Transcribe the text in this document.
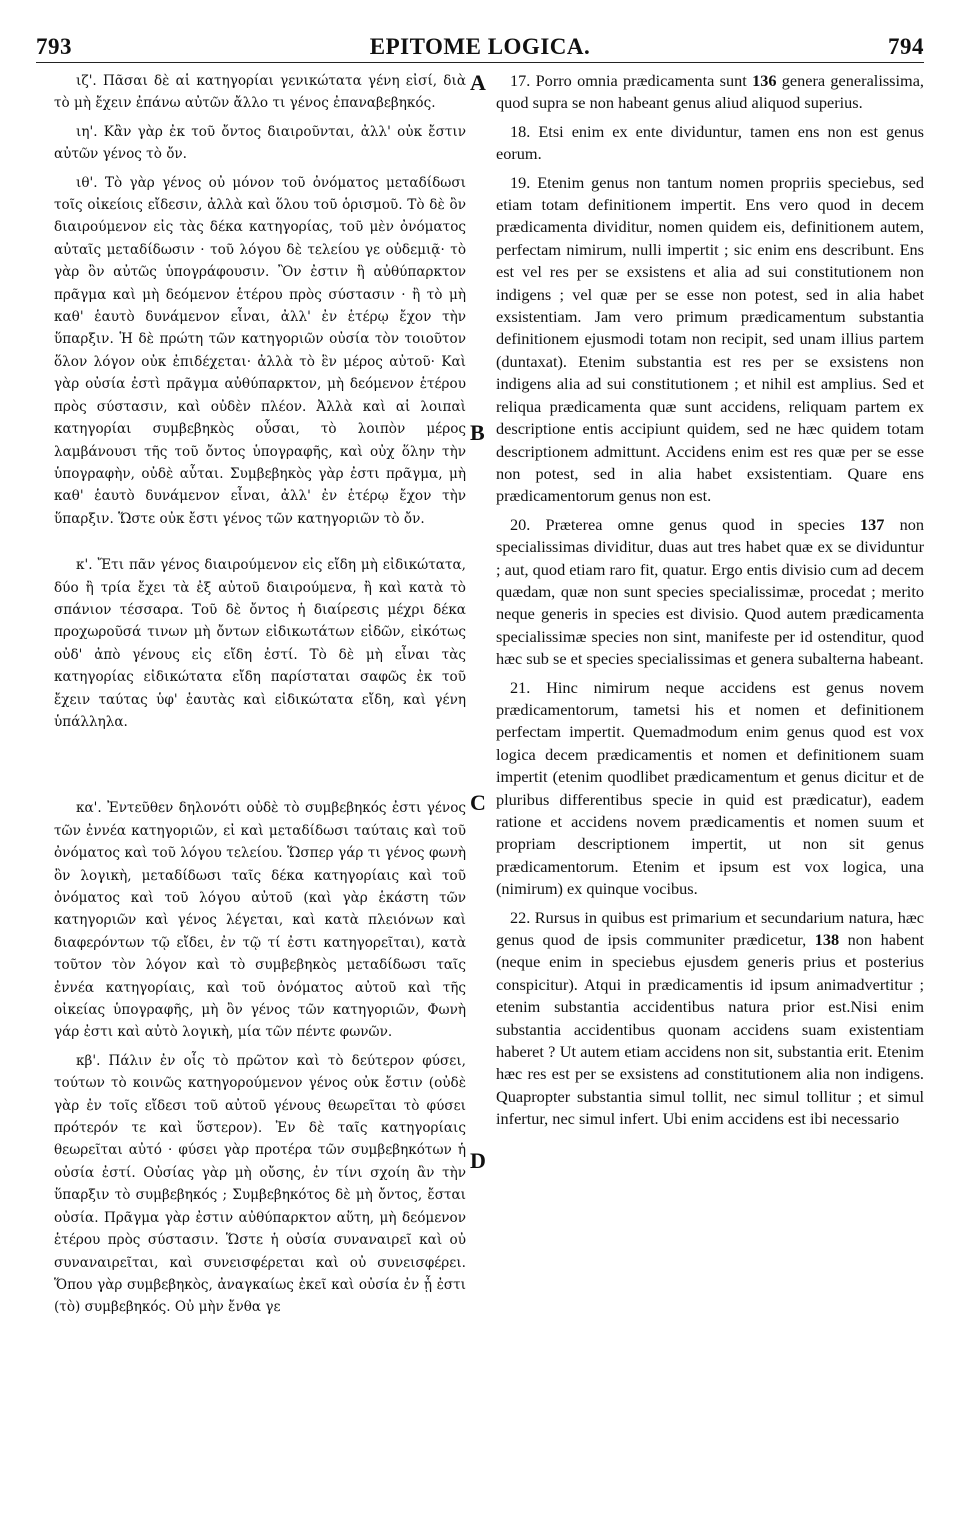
793	EPITOME LOGICA.	794
A
B
C
D

ιζ'. Πᾶσαι δὲ αἱ κατηγορίαι γενικώτατα γένη εἰσί, διὰ τὸ μὴ ἔχειν ἐπάνω αὐτῶν ἄλλο τι γένος ἐπαναβεβηκός.

ιη'. Κἂν γὰρ ἐκ τοῦ ὄντος διαιροῦνται, ἀλλ' οὐκ ἔστιν αὐτῶν γένος τὸ ὄν.

ιθ'. Τὸ γὰρ γένος οὐ μόνον τοῦ ὀνόματος μεταδίδωσι τοῖς οἰκείοις εἴδεσιν, ἀλλὰ καὶ ὅλου τοῦ ὁρισμοῦ. Τὸ δὲ ὂν διαιρούμενον εἰς τὰς δέκα κατηγορίας, τοῦ μὲν ὀνόματος αὐταῖς μεταδίδωσιν · τοῦ λόγου δὲ τελείου γε οὐδεμιᾷ· τὸ γὰρ ὂν αὐτῶς ὑπογράφουσιν. Ὂν ἐστιν ἢ αὐθύπαρκτον πρᾶγμα καὶ μὴ δεόμενον ἑτέρου πρὸς σύστασιν · ἢ τὸ μὴ καθ' ἑαυτὸ δυνάμενον εἶναι, ἀλλ' ἐν ἑτέρῳ ἔχον τὴν ὕπαρξιν. Ἡ δὲ πρώτη τῶν κατηγοριῶν οὐσία τὸν τοιοῦτον ὅλον λόγον οὐκ ἐπιδέχεται· ἀλλὰ τὸ ἓν μέρος αὐτοῦ· Καὶ γὰρ οὐσία ἐστὶ πρᾶγμα αὐθύπαρκτον, μὴ δεόμενον ἑτέρου πρὸς σύστασιν, καὶ οὐδὲν πλέον. Ἀλλὰ καὶ αἱ λοιπαὶ κατηγορίαι συμβεβηκὸς οὖσαι, τὸ λοιπὸν μέρος λαμβάνουσι τῆς τοῦ ὄντος ὑπογραφῆς, καὶ οὐχ ὅλην τὴν ὑπογραφὴν, οὐδὲ αὗται. Συμβεβηκὸς γὰρ ἐστι πρᾶγμα, μὴ καθ' ἑαυτὸ δυνάμενον εἶναι, ἀλλ' ἐν ἑτέρῳ ἔχον τὴν ὕπαρξιν. Ὥστε οὐκ ἔστι γένος τῶν κατηγοριῶν τὸ ὄν.

κ'. Ἔτι πᾶν γένος διαιρούμενον εἰς εἴδη μὴ εἰδικώτατα, δύο ἢ τρία ἔχει τὰ ἐξ αὐτοῦ διαιρούμενα, ἢ καὶ κατὰ τὸ σπάνιον τέσσαρα. Τοῦ δὲ ὄντος ἡ διαίρεσις μέχρι δέκα προχωροῦσά τινων μὴ ὄντων εἰδικωτάτων εἰδῶν, εἰκότως οὐδ' ἀπὸ γένους εἰς εἴδη ἐστί. Τὸ δὲ μὴ εἶναι τὰς κατηγορίας εἰδικώτατα εἴδη παρίσταται σαφῶς ἐκ τοῦ ἔχειν ταύτας ὑφ' ἑαυτὰς καὶ εἰδικώτατα εἴδη, καὶ γένη ὑπάλληλα.

κα'. Ἐντεῦθεν δηλονότι οὐδὲ τὸ συμβεβηκός ἐστι γένος τῶν ἐννέα κατηγοριῶν, εἰ καὶ μεταδίδωσι ταύταις καὶ τοῦ ὀνόματος καὶ τοῦ λόγου τελείου. Ὥσπερ γάρ τι γένος φωνὴ ὂν λογικὴ, μεταδίδωσι ταῖς δέκα κατηγορίαις καὶ τοῦ ὀνόματος καὶ τοῦ λόγου αὐτοῦ (καὶ γὰρ ἑκάστη τῶν κατηγοριῶν καὶ γένος λέγεται, καὶ κατὰ πλειόνων καὶ διαφερόντων τῷ εἴδει, ἐν τῷ τί ἐστι κατηγορεῖται), κατὰ τοῦτον τὸν λόγον καὶ τὸ συμβεβηκὸς μεταδίδωσι ταῖς ἐννέα κατηγορίαις, καὶ τοῦ ὀνόματος αὐτοῦ καὶ τῆς οἰκείας ὑπογραφῆς, μὴ ὂν γένος τῶν κατηγοριῶν, Φωνὴ γάρ ἐστι καὶ αὐτὸ λογικὴ, μία τῶν πέντε φωνῶν.

κβ'. Πάλιν ἐν οἷς τὸ πρῶτον καὶ τὸ δεύτερον φύσει, τούτων τὸ κοινῶς κατηγορούμενον γένος οὐκ ἔστιν (οὐδὲ γὰρ ἐν τοῖς εἴδεσι τοῦ αὐτοῦ γένους θεωρεῖται τὸ φύσει πρότερόν τε καὶ ὕστερον). Ἐν δὲ ταῖς κατηγορίαις θεωρεῖται αὐτό · φύσει γὰρ προτέρα τῶν συμβεβηκότων ἡ οὐσία ἐστί. Οὐσίας γὰρ μὴ οὔσης, ἐν τίνι σχοίη ἂν τὴν ὕπαρξιν τὸ συμβεβηκός ; Συμβεβηκότος δὲ μὴ ὄντος, ἔσται οὐσία. Πρᾶγμα γὰρ ἐστιν αὐθύπαρκτον αὕτη, μὴ δεόμενον ἑτέρου πρὸς σύστασιν. Ὥστε ἡ οὐσία συναναιρεῖ καὶ οὐ συναναιρεῖται, καὶ συνεισφέρεται καὶ οὐ συνεισφέρει. Ὅπου γὰρ συμβεβηκὸς, ἀναγκαίως ἐκεῖ καὶ οὐσία ἐν ᾗ ἐστι (τὸ) συμβεβηκός. Οὐ μὴν ἔνθα γε

17. Porro omnia prædicamenta sunt 136 genera generalissima, quod supra se non habeant genus aliud aliquod superius.

18. Etsi enim ex ente dividuntur, tamen ens non est genus eorum.

19. Etenim genus non tantum nomen propriis speciebus, sed etiam totam definitionem impertit. Ens vero quod in decem prædicamenta dividitur, nomen quidem eis, definitionem autem, perfectam nimirum, nulli impertit ; sic enim ens describunt. Ens est vel res per se exsistens et alia ad sui constitutionem non indigens ; vel quæ per se esse non potest, sed in alia habet exsistentiam. Jam vero primum prædicamentum substantia definitionem ejusmodi totam non recipit, sed unam illius partem (duntaxat). Etenim substantia est res per se exsistens non indigens alia ad sui constitutionem ; et nihil est amplius. Sed et reliqua prædicamenta quæ sunt accidens, reliquam partem ex descriptione entis accipiunt quidem, sed ne hæc quidem totam descriptionem admittunt. Accidens enim est res quæ per se esse non potest, sed in alia habet exsistentiam. Quare ens prædicamentorum genus non est.

20. Præterea omne genus quod in species 137 non specialissimas dividitur, duas aut tres habet quæ ex se dividuntur ; aut, quod etiam raro fit, quatur. Ergo entis divisio cum ad decem quædam, quæ non sunt species specialissimæ, procedat ; merito neque generis in species est divisio. Quod autem prædicamenta specialissimæ species non sint, manifeste per id ostenditur, quod hæc sub se et species specialissimas et genera subalterna habeant.

21. Hinc nimirum neque accidens est genus novem prædicamentorum, tametsi his et nomen et definitionem perfectam impertit. Quemadmodum enim genus quod est vox logica decem prædicamentis et nomen et definitionem suam impertit (etenim quodlibet prædicamentum et genus dicitur et de pluribus differentibus specie in quid est prædicatur), eadem ratione et accidens novem prædicamentis et nomen suum et propriam descriptionem impertit, ut non sit genus prædicamentorum. Etenim et ipsum est vox logica, una (nimirum) ex quinque vocibus.

22. Rursus in quibus est primarium et secundarium natura, hæc genus quod de ipsis communiter prædicetur, 138 non habent (neque enim in speciebus ejusdem generis prius et posterius conspicitur). Atqui in prædicamentis id ipsum animadvertitur ; etenim substantia accidentibus natura prior est.Nisi enim substantia accidentibus quonam accidens suam existentiam haberet ? Ut autem etiam accidens non sit, substantia erit. Etenim hæc res est per se exsistens ad constitutionem alia non indigens. Quapropter substantia simul tollit, nec simul tollitur ; et simul infertur, nec simul infert. Ubi enim accidens est ibi necessario
